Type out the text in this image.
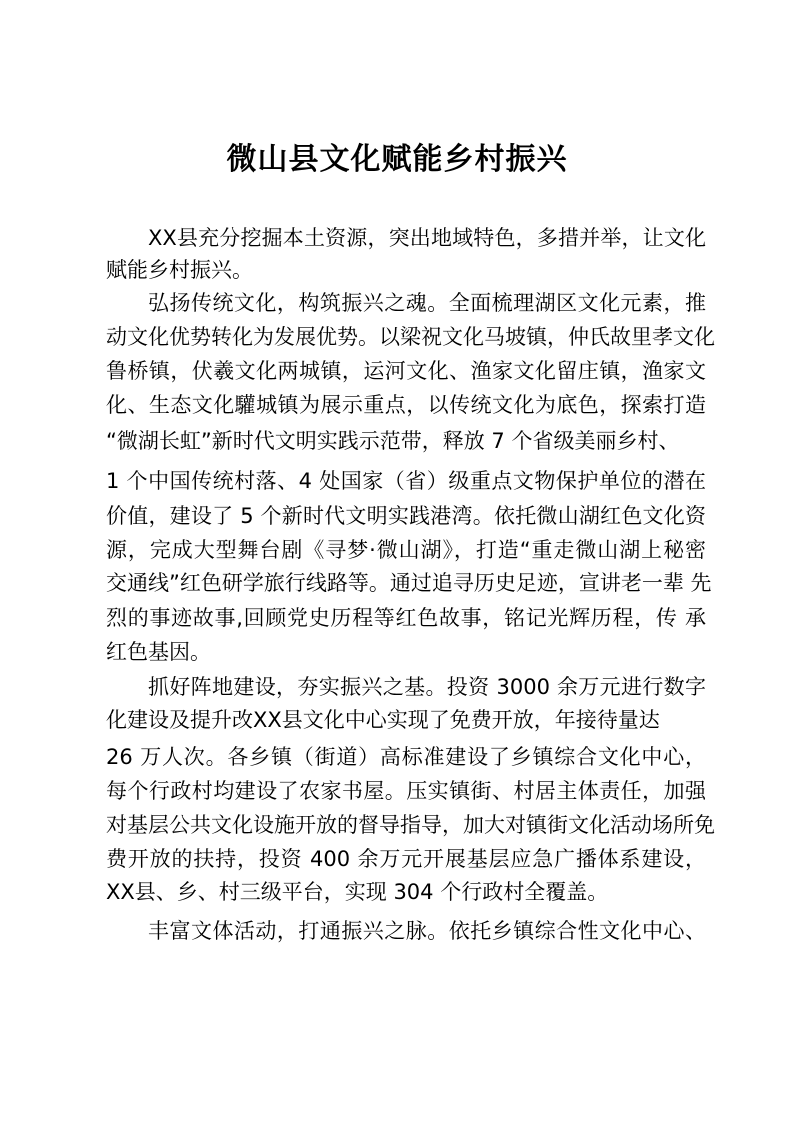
微山县文化赋能乡村振兴

XX县充分挖掘本土资源，突出地域特色，多措并举，让文化

赋能乡村振兴。

弘扬传统文化，构筑振兴之魂。全面梳理湖区文化元素，推

动文化优势转化为发展优势。以梁祝文化马坡镇，仲氏故里孝文化

鲁桥镇，伏羲文化两城镇，运河文化、渔家文化留庄镇，渔家文

化、生态文化驩城镇为展示重点，以传统文化为底色，探索打造

“微湖长虹”新时代文明实践示范带，释放 7 个省级美丽乡村、

1 个中国传统村落、4 处国家（省）级重点文物保护单位的潜在

价值，建设了 5 个新时代文明实践港湾。依托微山湖红色文化资

源，完成大型舞台剧《寻梦·微山湖》，打造“重走微山湖上秘密

交通线”红色研学旅行线路等。通过追寻历史足迹，宣讲老一辈 先

烈的事迹故事,回顾党史历程等红色故事，铭记光辉历程，传 承

红色基因。

抓好阵地建设，夯实振兴之基。投资 3000 余万元进行数字

化建设及提升改XX县文化中心实现了免费开放，年接待量达

26 万人次。各乡镇（街道）高标准建设了乡镇综合文化中心，

每个行政村均建设了农家书屋。压实镇街、村居主体责任，加强

对基层公共文化设施开放的督导指导，加大对镇街文化活动场所免

费开放的扶持，投资 400 余万元开展基层应急广播体系建设，

XX县、乡、村三级平台，实现 304 个行政村全覆盖。

丰富文体活动，打通振兴之脉。依托乡镇综合性文化中心、
